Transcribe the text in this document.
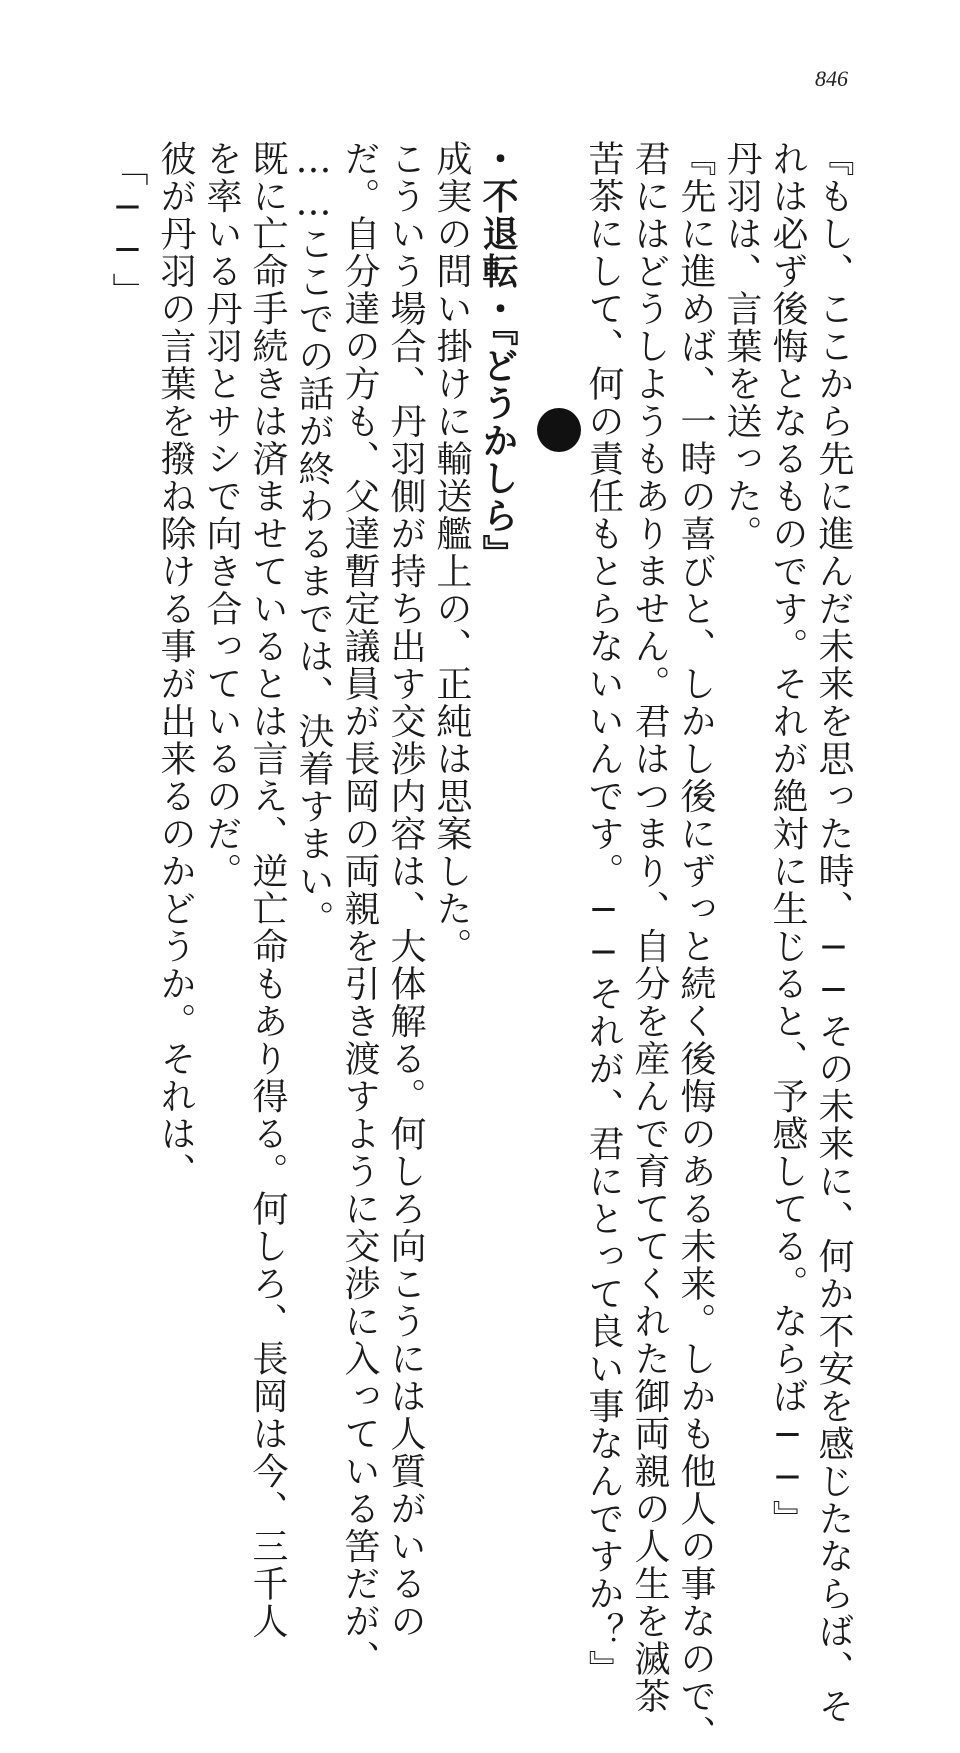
846
『もし、ここから先に進んだ未来を思った時、──その未来に、何か不安を感じたならば、そ
れは必ず後悔となるものです。それが絶対に生じると、予感してる。ならば──』
丹羽は、言葉を送った。
『先に進めば、一時の喜びと、しかし後にずっと続く後悔のある未来。しかも他人の事なので、
君にはどうしようもありません。君はつまり、自分を産んで育ててくれた御両親の人生を滅茶
苦茶にして、何の責任もとらないいんです。──それが、君にとって良い事なんですか？』
・不退転・『どうかしら』
成実の問い掛けに輸送艦上の、正純は思案した。
こういう場合、丹羽側が持ち出す交渉内容は、大体解る。何しろ向こうには人質がいるの
だ。自分達の方も、父達暫定議員が長岡の両親を引き渡すように交渉に入っている筈だが、
……ここでの話が終わるまでは、決着すまい。
既に亡命手続きは済ませているとは言え、逆亡命もあり得る。何しろ、長岡は今、三千人
を率いる丹羽とサシで向き合っているのだ。
彼が丹羽の言葉を撥ね除ける事が出来るのかどうか。それは、
「──」
